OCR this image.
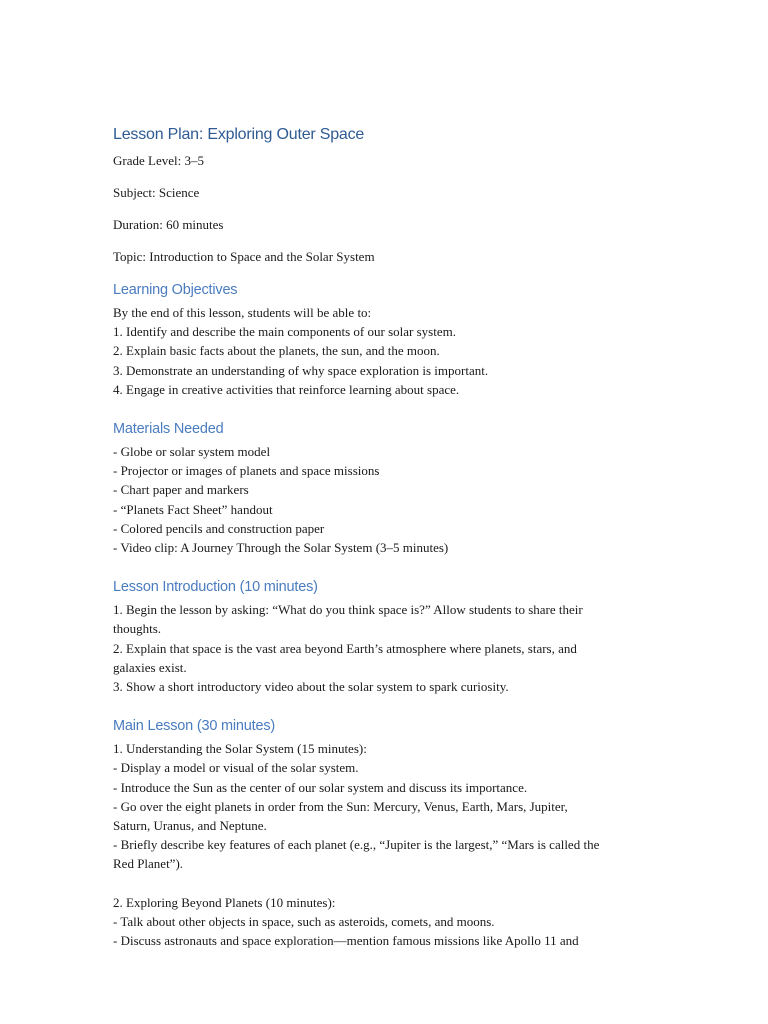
Lesson Plan: Exploring Outer Space

Grade Level: 3–5

Subject: Science

Duration: 60 minutes

Topic: Introduction to Space and the Solar System

Learning Objectives

By the end of this lesson, students will be able to:

1. Identify and describe the main components of our solar system.

2. Explain basic facts about the planets, the sun, and the moon.

3. Demonstrate an understanding of why space exploration is important.

4. Engage in creative activities that reinforce learning about space.

Materials Needed

- Globe or solar system model

- Projector or images of planets and space missions

- Chart paper and markers

- “Planets Fact Sheet” handout

- Colored pencils and construction paper

- Video clip: A Journey Through the Solar System (3–5 minutes)

Lesson Introduction (10 minutes)

1. Begin the lesson by asking: “What do you think space is?” Allow students to share their

thoughts.

2. Explain that space is the vast area beyond Earth’s atmosphere where planets, stars, and

galaxies exist.

3. Show a short introductory video about the solar system to spark curiosity.

Main Lesson (30 minutes)

1. Understanding the Solar System (15 minutes):

- Display a model or visual of the solar system.

- Introduce the Sun as the center of our solar system and discuss its importance.

- Go over the eight planets in order from the Sun: Mercury, Venus, Earth, Mars, Jupiter,

Saturn, Uranus, and Neptune.

- Briefly describe key features of each planet (e.g., “Jupiter is the largest,” “Mars is called the

Red Planet”).

2. Exploring Beyond Planets (10 minutes):

- Talk about other objects in space, such as asteroids, comets, and moons.

- Discuss astronauts and space exploration—mention famous missions like Apollo 11 and
